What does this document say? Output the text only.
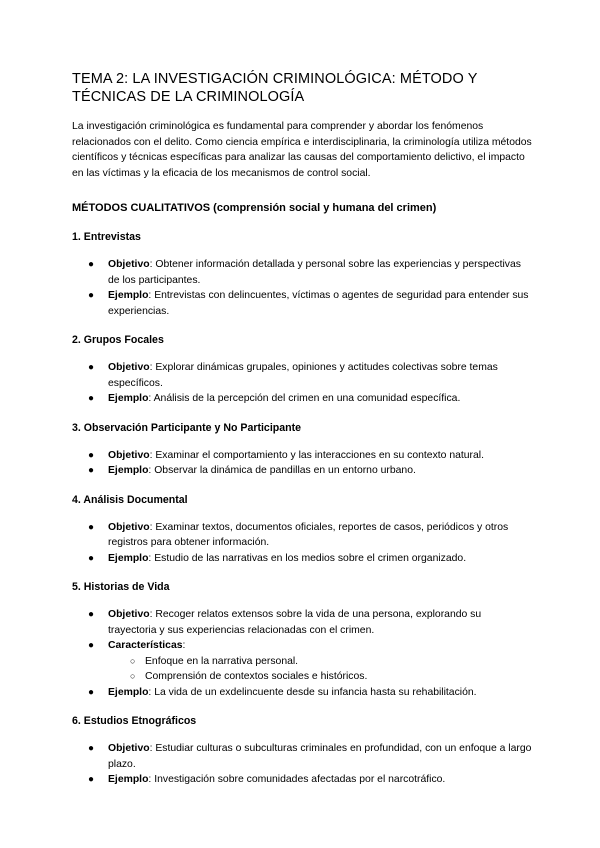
TEMA 2: LA INVESTIGACIÓN CRIMINOLÓGICA: MÉTODO Y TÉCNICAS DE LA CRIMINOLOGÍA

La investigación criminológica es fundamental para comprender y abordar los fenómenos relacionados con el delito. Como ciencia empírica e interdisciplinaria, la criminología utiliza métodos científicos y técnicas específicas para analizar las causas del comportamiento delictivo, el impacto en las víctimas y la eficacia de los mecanismos de control social.

MÉTODOS CUALITATIVOS (comprensión social y humana del crimen)

1. Entrevistas

● Objetivo: Obtener información detallada y personal sobre las experiencias y perspectivas de los participantes.
● Ejemplo: Entrevistas con delincuentes, víctimas o agentes de seguridad para entender sus experiencias.

2. Grupos Focales

● Objetivo: Explorar dinámicas grupales, opiniones y actitudes colectivas sobre temas específicos.
● Ejemplo: Análisis de la percepción del crimen en una comunidad específica.

3. Observación Participante y No Participante

● Objetivo: Examinar el comportamiento y las interacciones en su contexto natural.
● Ejemplo: Observar la dinámica de pandillas en un entorno urbano.

4. Análisis Documental

● Objetivo: Examinar textos, documentos oficiales, reportes de casos, periódicos y otros registros para obtener información.
● Ejemplo: Estudio de las narrativas en los medios sobre el crimen organizado.

5. Historias de Vida

● Objetivo: Recoger relatos extensos sobre la vida de una persona, explorando su trayectoria y sus experiencias relacionadas con el crimen.
● Características:
○ Enfoque en la narrativa personal.
○ Comprensión de contextos sociales e históricos.
● Ejemplo: La vida de un exdelincuente desde su infancia hasta su rehabilitación.

6. Estudios Etnográficos

● Objetivo: Estudiar culturas o subculturas criminales en profundidad, con un enfoque a largo plazo.
● Ejemplo: Investigación sobre comunidades afectadas por el narcotráfico.
